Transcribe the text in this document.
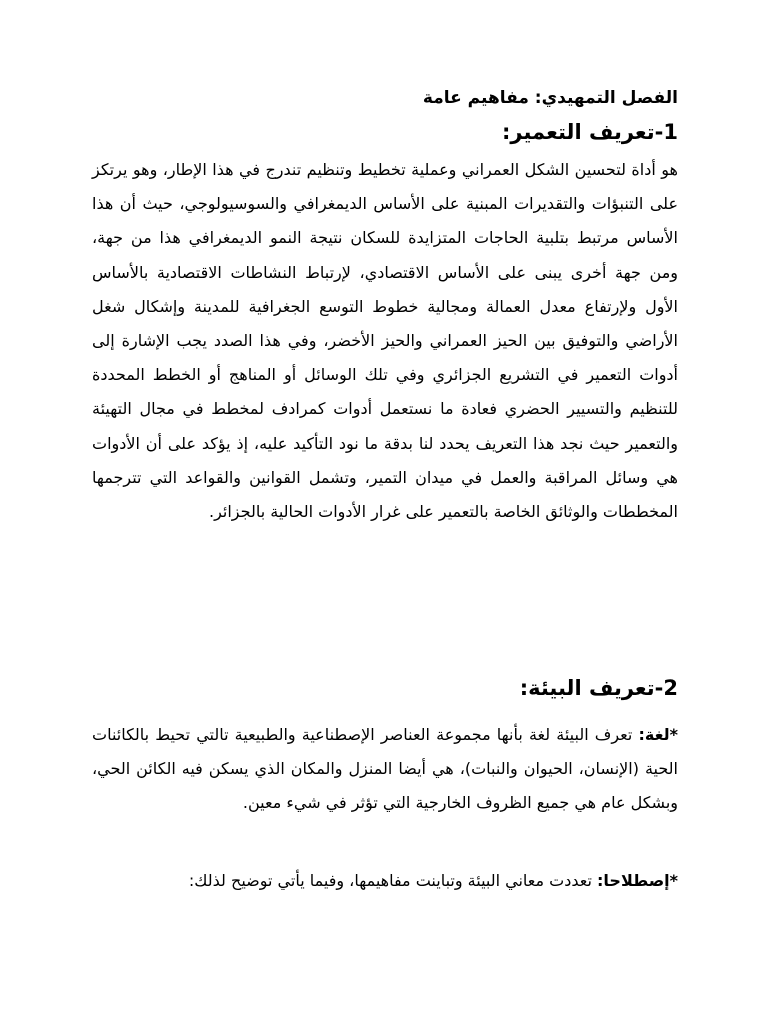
الفصل التمهيدي: مفاهيم عامة
1-تعريف التعمير:

هو أداة لتحسين الشكل العمراني وعملية تخطيط وتنظيم تندرج في هذا الإطار، وهو يرتكز على التنبؤات والتقديرات المبنية على الأساس الديمغرافي والسوسيولوجي، حيث أن هذا الأساس مرتبط بتلبية الحاجات المتزايدة للسكان نتيجة النمو الديمغرافي هذا من جهة، ومن جهة أخرى يبنى على الأساس الاقتصادي، لإرتباط النشاطات الاقتصادية بالأساس الأول ولإرتفاع معدل العمالة ومجالية خطوط التوسع الجغرافية للمدينة وإشكال شغل الأراضي والتوفيق بين الحيز العمراني والحيز الأخضر، وفي هذا الصدد يجب الإشارة إلى أدوات التعمير في التشريع الجزائري وفي تلك الوسائل أو المناهج أو الخطط المحددة للتنظيم والتسيير الحضري فعادة ما نستعمل أدوات كمرادف لمخطط في مجال التهيئة والتعمير حيث نجد هذا التعريف يحدد لنا بدقة ما نود التأكيد عليه، إذ يؤكد على أن الأدوات هي وسائل المراقبة والعمل في ميدان التمير، وتشمل القوانين والقواعد التي تترجمها المخططات والوثائق الخاصة بالتعمير على غرار الأدوات الحالية بالجزائر.

2-تعريف البيئة:

*لغة: تعرف البيئة لغة بأنها مجموعة العناصر الإصطناعية والطبيعية تالتي تحيط بالكائنات الحية (الإنسان، الحيوان والنبات)، هي أيضا المنزل والمكان الذي يسكن فيه الكائن الحي، وبشكل عام هي جميع الظروف الخارجية التي تؤثر في شيء معين.

*إصطلاحا: تعددت معاني البيئة وتباينت مفاهيمها، وفيما يأتي توضيح لذلك:
